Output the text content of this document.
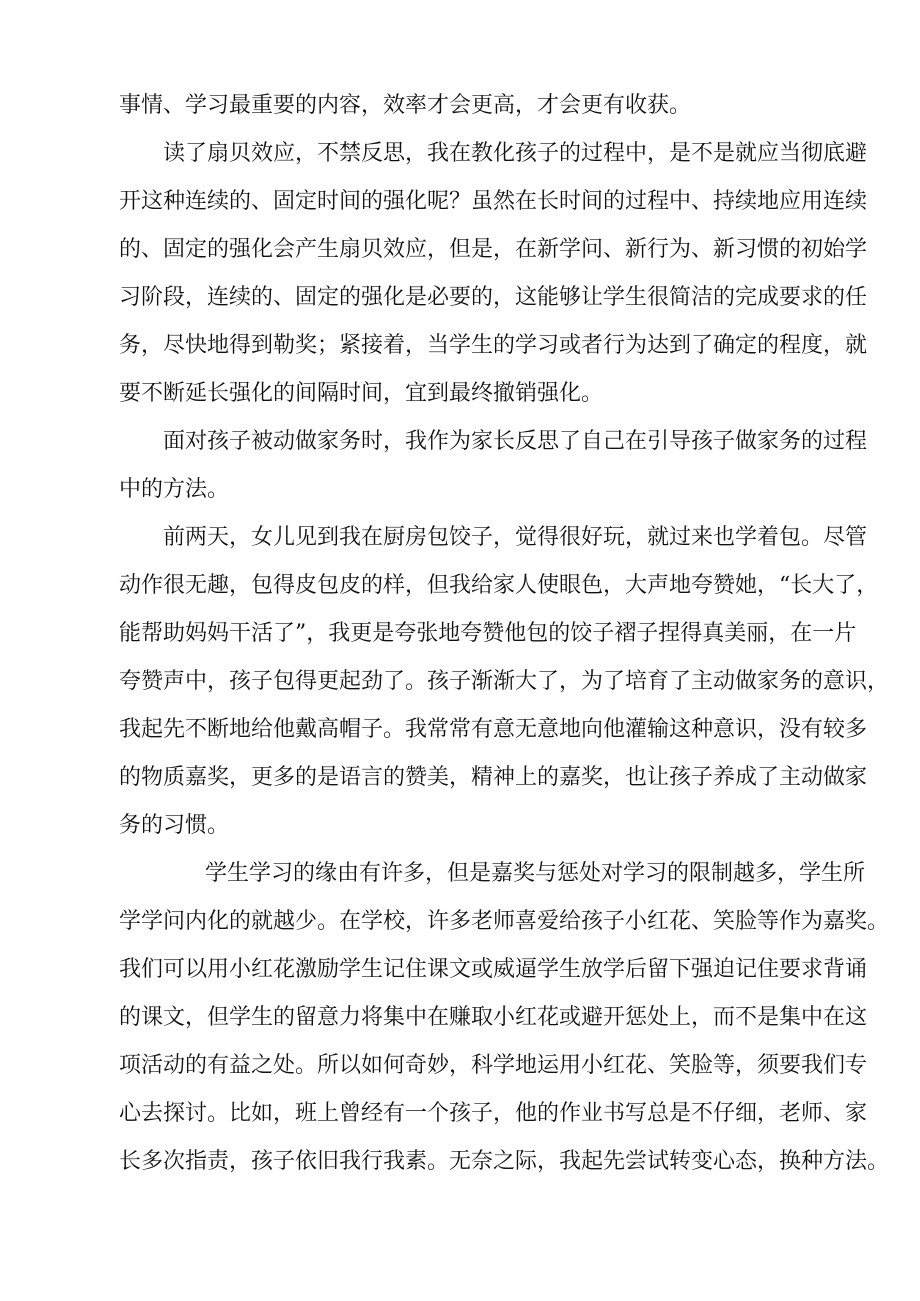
事情、学习最重要的内容，效率才会更高，才会更有收获。
读了扇贝效应，不禁反思，我在教化孩子的过程中，是不是就应当彻底避
开这种连续的、固定时间的强化呢？虽然在长时间的过程中、持续地应用连续
的、固定的强化会产生扇贝效应，但是，在新学问、新行为、新习惯的初始学
习阶段，连续的、固定的强化是必要的，这能够让学生很简洁的完成要求的任
务，尽快地得到勒奖；紧接着，当学生的学习或者行为达到了确定的程度，就
要不断延长强化的间隔时间，宜到最终撤销强化。
面对孩子被动做家务时，我作为家长反思了自己在引导孩子做家务的过程
中的方法。
前两天，女儿见到我在厨房包饺子，觉得很好玩，就过来也学着包。尽管
动作很无趣，包得皮包皮的样，但我给家人使眼色，大声地夸赞她，“长大了，
能帮助妈妈干活了”，我更是夸张地夸赞他包的饺子褶子捏得真美丽，在一片
夸赞声中，孩子包得更起劲了。孩子渐渐大了，为了培育了主动做家务的意识，
我起先不断地给他戴高帽子。我常常有意无意地向他灌输这种意识，没有较多
的物质嘉奖，更多的是语言的赞美，精神上的嘉奖，也让孩子养成了主动做家
务的习惯。
学生学习的缘由有许多，但是嘉奖与惩处对学习的限制越多，学生所
学学问内化的就越少。在学校，许多老师喜爱给孩子小红花、笑脸等作为嘉奖。
我们可以用小红花激励学生记住课文或威逼学生放学后留下强迫记住要求背诵
的课文，但学生的留意力将集中在赚取小红花或避开惩处上，而不是集中在这
项活动的有益之处。所以如何奇妙，科学地运用小红花、笑脸等，须要我们专
心去探讨。比如，班上曾经有一个孩子，他的作业书写总是不仔细，老师、家
长多次指责，孩子依旧我行我素。无奈之际，我起先尝试转变心态，换种方法。
